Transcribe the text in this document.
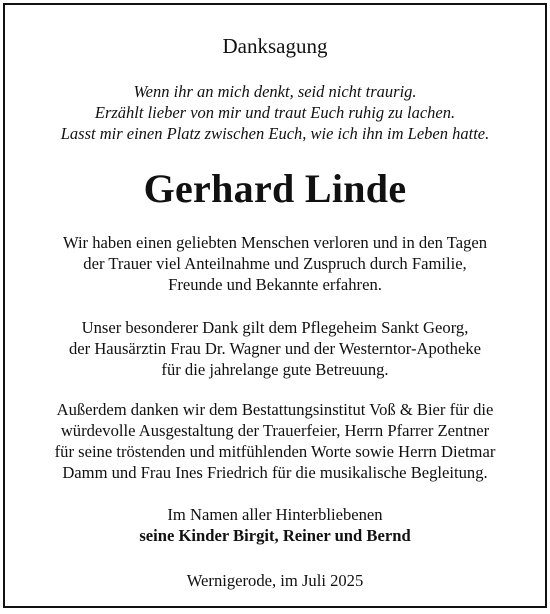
Danksagung
Wenn ihr an mich denkt, seid nicht traurig.
Erzählt lieber von mir und traut Euch ruhig zu lachen.
Lasst mir einen Platz zwischen Euch, wie ich ihn im Leben hatte.
Gerhard Linde
Wir haben einen geliebten Menschen verloren und in den Tagen
der Trauer viel Anteilnahme und Zuspruch durch Familie,
Freunde und Bekannte erfahren.
Unser besonderer Dank gilt dem Pflegeheim Sankt Georg,
der Hausärztin Frau Dr. Wagner und der Westerntor-Apotheke
für die jahrelange gute Betreuung.
Außerdem danken wir dem Bestattungsinstitut Voß & Bier für die
würdevolle Ausgestaltung der Trauerfeier, Herrn Pfarrer Zentner
für seine tröstenden und mitfühlenden Worte sowie Herrn Dietmar
Damm und Frau Ines Friedrich für die musikalische Begleitung.
Im Namen aller Hinterbliebenen
seine Kinder Birgit, Reiner und Bernd
Wernigerode, im Juli 2025
